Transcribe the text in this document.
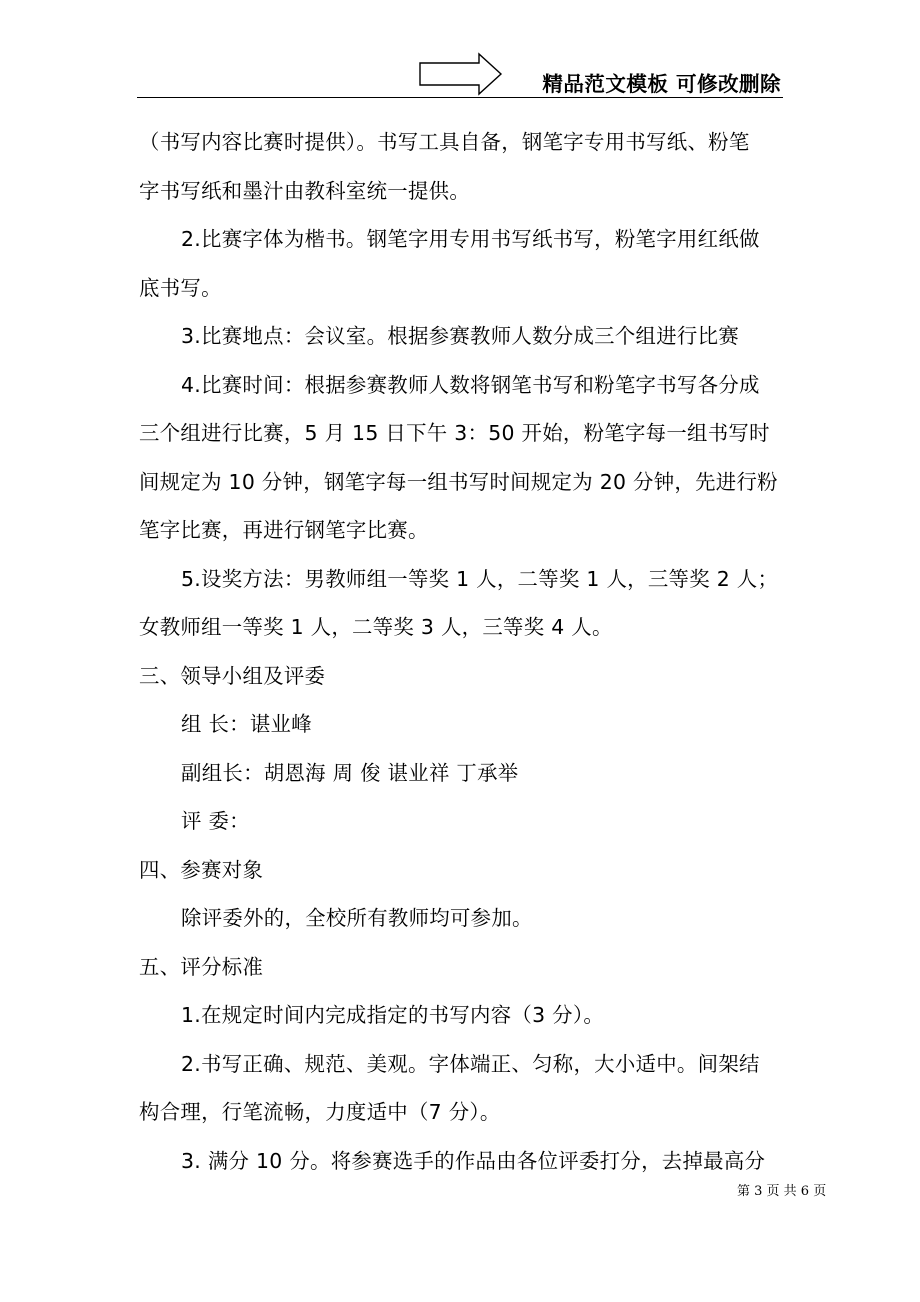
精品范文模板 可修改删除
（书写内容比赛时提供）。书写工具自备，钢笔字专用书写纸、粉笔
字书写纸和墨汁由教科室统一提供。
2.比赛字体为楷书。钢笔字用专用书写纸书写，粉笔字用红纸做
底书写。
3.比赛地点：会议室。根据参赛教师人数分成三个组进行比赛
4.比赛时间：根据参赛教师人数将钢笔书写和粉笔字书写各分成
三个组进行比赛，5 月 15 日下午 3：50 开始，粉笔字每一组书写时
间规定为 10 分钟，钢笔字每一组书写时间规定为 20 分钟，先进行粉
笔字比赛，再进行钢笔字比赛。
5.设奖方法：男教师组一等奖 1 人，二等奖 1 人，三等奖 2 人；
女教师组一等奖 1 人，二等奖 3 人，三等奖 4 人。
三、领导小组及评委
组 长：谌业峰
副组长：胡恩海 周 俊 谌业祥 丁承举
评 委：
四、参赛对象
除评委外的，全校所有教师均可参加。
五、评分标准
1.在规定时间内完成指定的书写内容（3 分）。
2.书写正确、规范、美观。字体端正、匀称，大小适中。间架结
构合理，行笔流畅，力度适中（7 分）。
3. 满分 10 分。将参赛选手的作品由各位评委打分，去掉最高分
第 3 页 共 6 页
